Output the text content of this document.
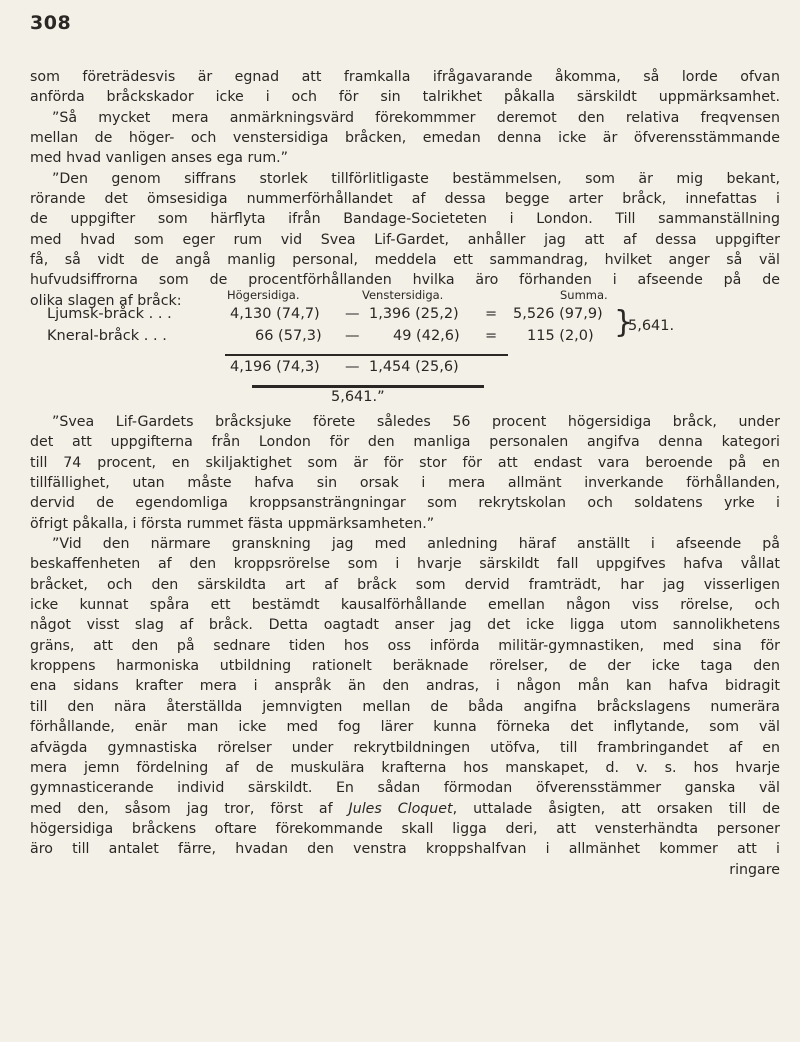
308
som företrädesvis är egnad att framkalla ifrågavarande åkomma, så lorde ofvan
anförda bråckskador icke i och för sin talrikhet påkalla särskildt uppmärksamhet.
”Så mycket mera anmärkningsvärd förekommmer deremot den relativa freqvensen
mellan de höger- och venstersidiga bråcken, emedan denna icke är öfverensstämmande
med hvad vanligen anses ega rum.”
”Den genom siffrans storlek tillförlitligaste bestämmelsen, som är mig bekant,
rörande det ömsesidiga nummerförhållandet af dessa begge arter bråck, innefattas i
de uppgifter som härflyta ifrån Bandage-Societeten i London. Till sammanställning
med hvad som eger rum vid Svea Lif-Gardet, anhåller jag att af dessa uppgifter
få, så vidt de angå manlig personal, meddela ett sammandrag, hvilket anger så väl
hufvudsiffrorna som de procentförhållanden hvilka äro förhanden i afseende på de
olika slagen af bråck:	Högersidiga.	Venstersidiga.	Summa.
Ljumsk-bråck . . .	4,130 (74,7) — 1,396 (25,2) = 5,526 (97,9)
Kneral-bråck . . .	66 (57,3) — 49 (42,6) = 115 (2,0) }
5,641.
4,196 (74,3) — 1,454 (25,6)
5,641.”
”Svea Lif-Gardets bråcksjuke förete således 56 procent högersidiga bråck, under
det att uppgifterna från London för den manliga personalen angifva denna kategori
till 74 procent, en skiljaktighet som är för stor för att endast vara beroende på en
tillfällighet, utan måste hafva sin orsak i mera allmänt inverkande förhållanden,
dervid de egendomliga kroppsansträngningar som rekrytskolan och soldatens yrke i
öfrigt påkalla, i första rummet fästa uppmärksamheten.”
”Vid den närmare granskning jag med anledning häraf anställt i afseende på
beskaffenheten af den kroppsrörelse som i hvarje särskildt fall uppgifves hafva vållat
bråcket, och den särskildta art af bråck som dervid framträdt, har jag visserligen
icke kunnat spåra ett bestämdt kausalförhållande emellan någon viss rörelse, och
något visst slag af bråck. Detta oagtadt anser jag det icke ligga utom sannolikhetens
gräns, att den på sednare tiden hos oss införda militär-gymnastiken, med sina för
kroppens harmoniska utbildning rationelt beräknade rörelser, de der icke taga den
ena sidans krafter mera i anspråk än den andras, i någon mån kan hafva bidragit
till den nära återställda jemnvigten mellan de båda angifna bråckslagens numerära
förhållande, enär man icke med fog lärer kunna förneka det inflytande, som väl
afvägda gymnastiska rörelser under rekrytbildningen utöfva, till frambringandet af en
mera jemn fördelning af de muskulära krafterna hos manskapet, d. v. s. hos hvarje
gymnasticerande individ särskildt. En sådan förmodan öfverensstämmer ganska väl
med den, såsom jag tror, först af Jules Cloquet, uttalade åsigten, att orsaken till de
högersidiga bråckens oftare förekommande skall ligga deri, att vensterhändta personer
äro till antalet färre, hvadan den venstra kroppshalfvan i allmänhet kommer att i
ringare
